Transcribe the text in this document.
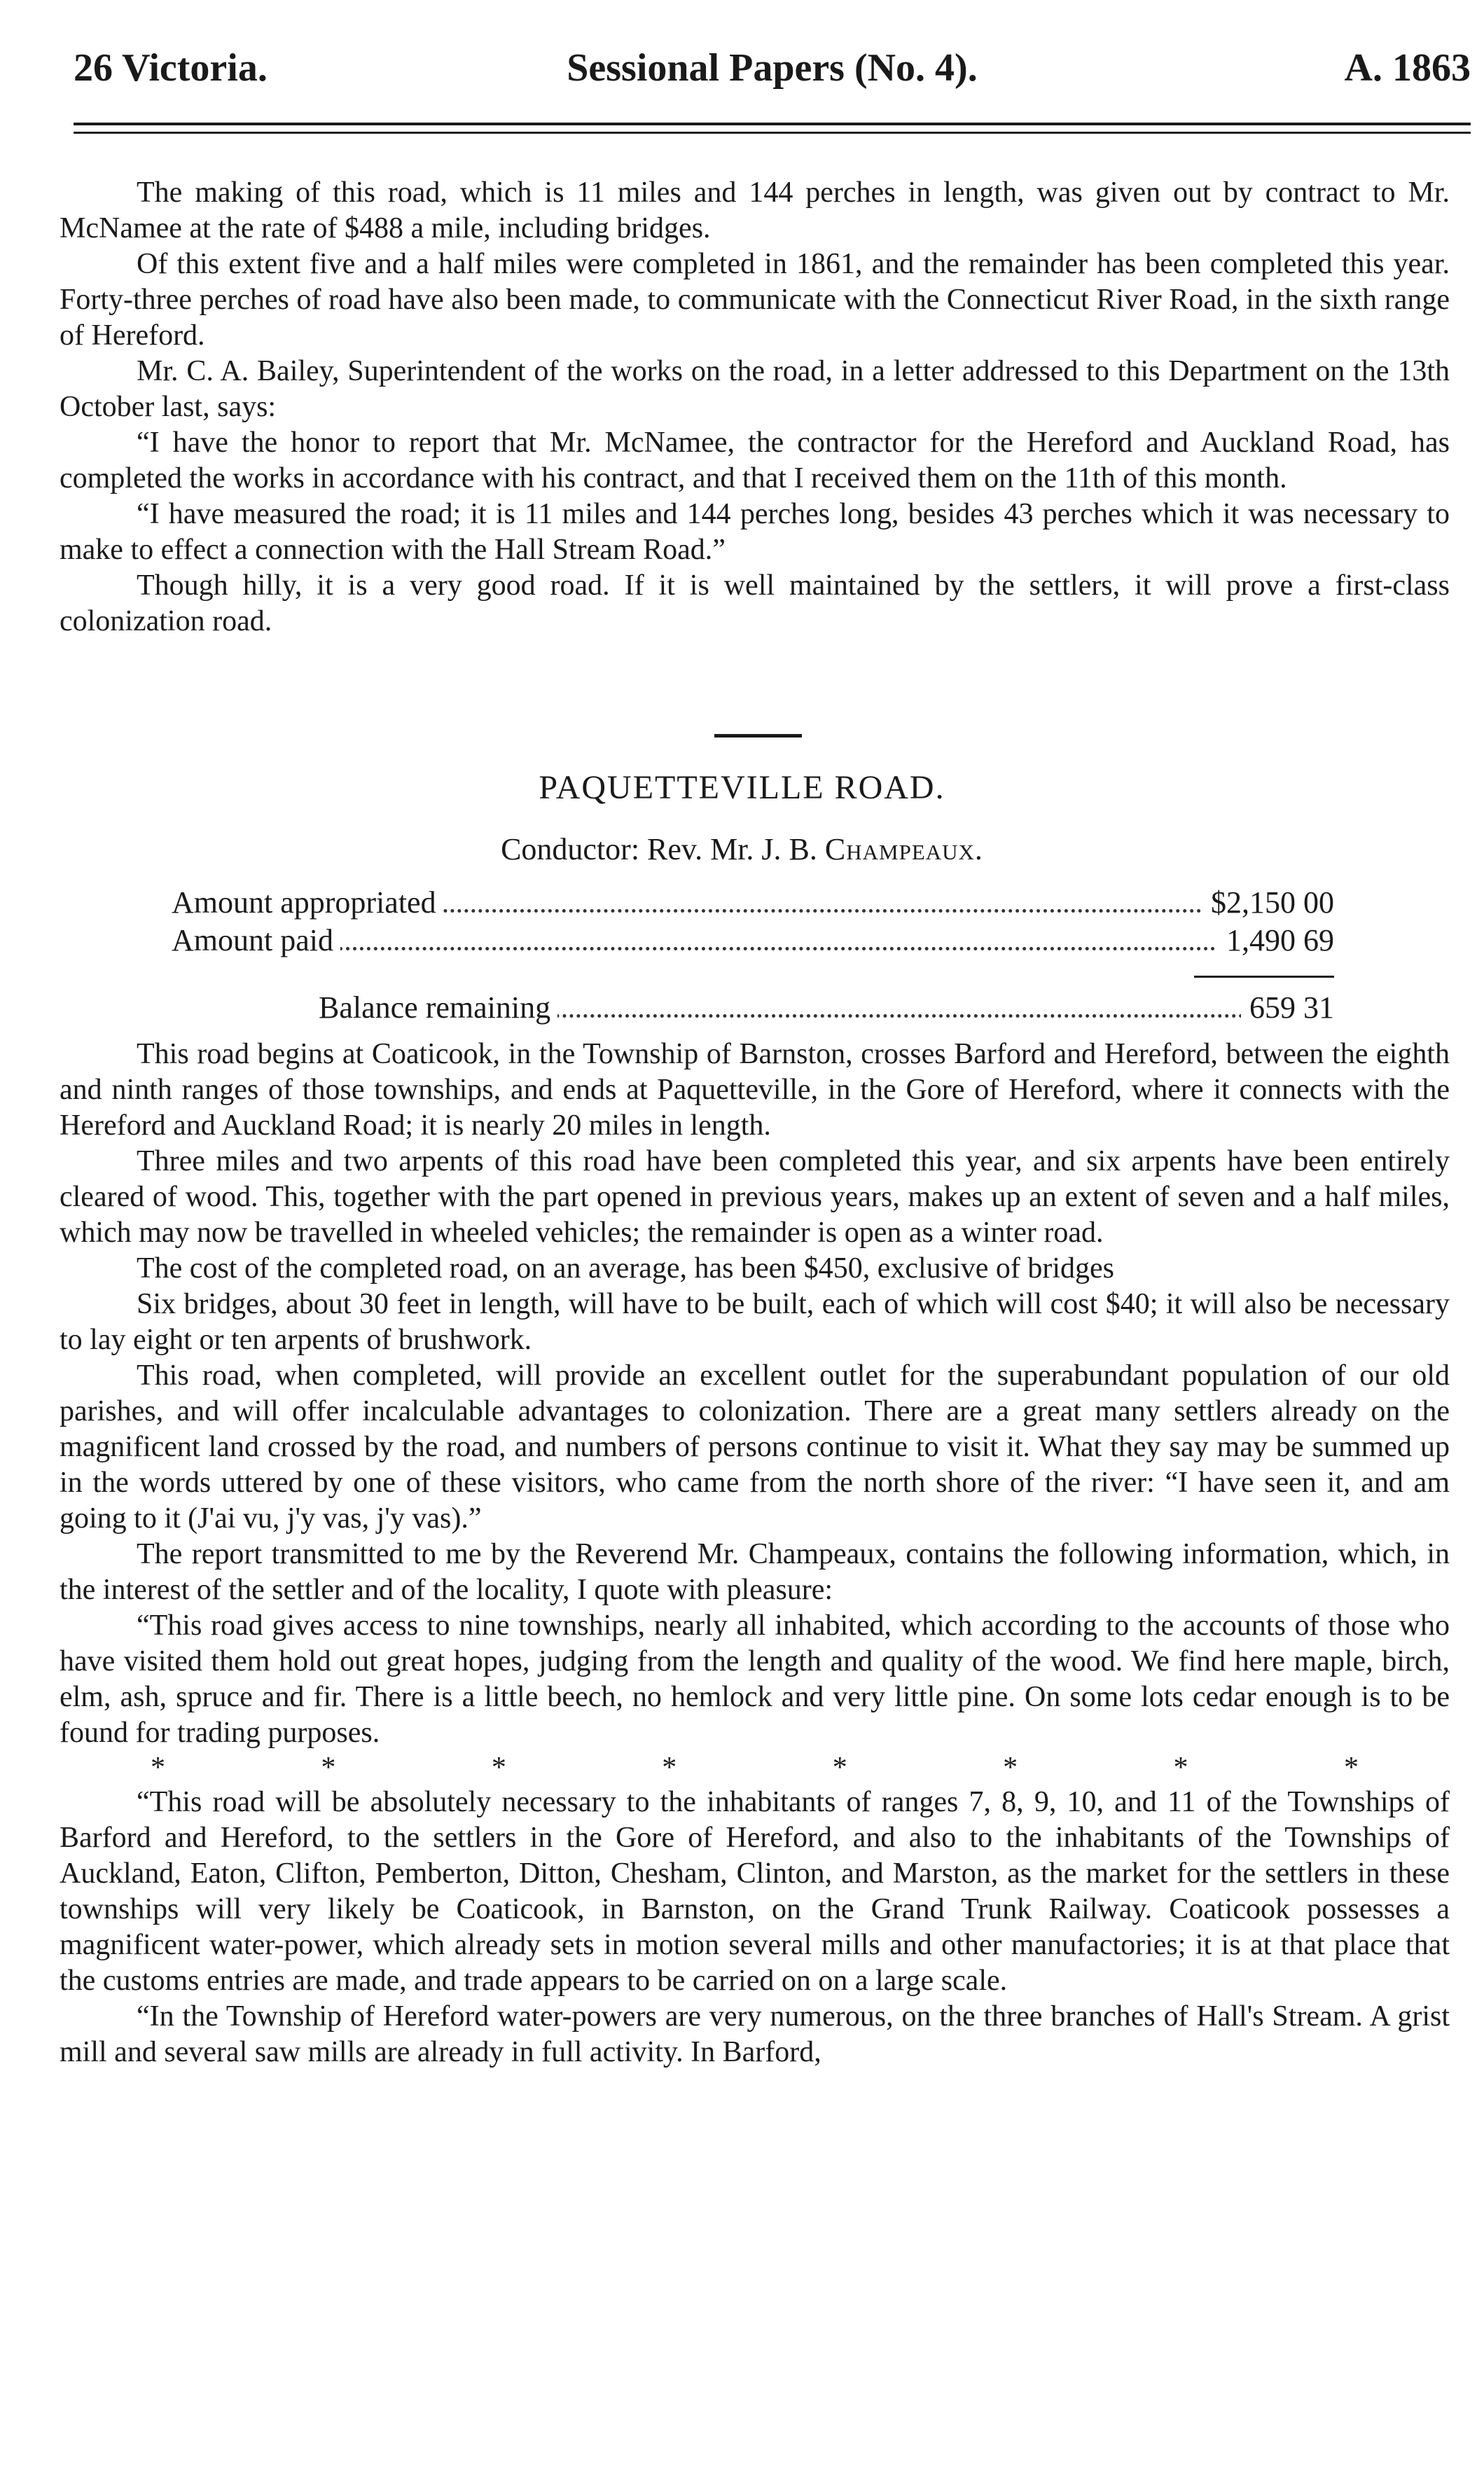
26 Victoria.	Sessional Papers (No. 4).	A. 1863

The making of this road, which is 11 miles and 144 perches in length, was given out by contract to Mr. McNamee at the rate of $488 a mile, including bridges.

Of this extent five and a half miles were completed in 1861, and the remainder has been completed this year. Forty-three perches of road have also been made, to communicate with the Connecticut River Road, in the sixth range of Hereford.

Mr. C. A. Bailey, Superintendent of the works on the road, in a letter addressed to this Department on the 13th October last, says:

“I have the honor to report that Mr. McNamee, the contractor for the Hereford and Auckland Road, has completed the works in accordance with his contract, and that I received them on the 11th of this month.

“I have measured the road; it is 11 miles and 144 perches long, besides 43 perches which it was necessary to make to effect a connection with the Hall Stream Road.”

Though hilly, it is a very good road. If it is well maintained by the settlers, it will prove a first-class colonization road.

PAQUETTEVILLE ROAD.
Conductor: Rev. Mr. J. B. Champeaux.
Amount appropriated	$2,150 00
Amount paid	1,490 69
Balance remaining	659 31

This road begins at Coaticook, in the Township of Barnston, crosses Barford and Hereford, between the eighth and ninth ranges of those townships, and ends at Paquetteville, in the Gore of Hereford, where it connects with the Hereford and Auckland Road; it is nearly 20 miles in length.

Three miles and two arpents of this road have been completed this year, and six arpents have been entirely cleared of wood. This, together with the part opened in previous years, makes up an extent of seven and a half miles, which may now be travelled in wheeled vehicles; the remainder is open as a winter road.

The cost of the completed road, on an average, has been $450, exclusive of bridges

Six bridges, about 30 feet in length, will have to be built, each of which will cost $40; it will also be necessary to lay eight or ten arpents of brushwork.

This road, when completed, will provide an excellent outlet for the superabundant population of our old parishes, and will offer incalculable advantages to colonization. There are a great many settlers already on the magnificent land crossed by the road, and numbers of persons continue to visit it. What they say may be summed up in the words uttered by one of these visitors, who came from the north shore of the river: “I have seen it, and am going to it (J'ai vu, j'y vas, j'y vas).”

The report transmitted to me by the Reverend Mr. Champeaux, contains the following information, which, in the interest of the settler and of the locality, I quote with pleasure:

“This road gives access to nine townships, nearly all inhabited, which according to the accounts of those who have visited them hold out great hopes, judging from the length and quality of the wood. We find here maple, birch, elm, ash, spruce and fir. There is a little beech, no hemlock and very little pine. On some lots cedar enough is to be found for trading purposes.

*	*	*	*	*	*	*	*

“This road will be absolutely necessary to the inhabitants of ranges 7, 8, 9, 10, and 11 of the Townships of Barford and Hereford, to the settlers in the Gore of Hereford, and also to the inhabitants of the Townships of Auckland, Eaton, Clifton, Pemberton, Ditton, Chesham, Clinton, and Marston, as the market for the settlers in these townships will very likely be Coaticook, in Barnston, on the Grand Trunk Railway. Coaticook possesses a magnificent water-power, which already sets in motion several mills and other manufactories; it is at that place that the customs entries are made, and trade appears to be carried on on a large scale.

“In the Township of Hereford water-powers are very numerous, on the three branches of Hall's Stream. A grist mill and several saw mills are already in full activity. In Barford,
